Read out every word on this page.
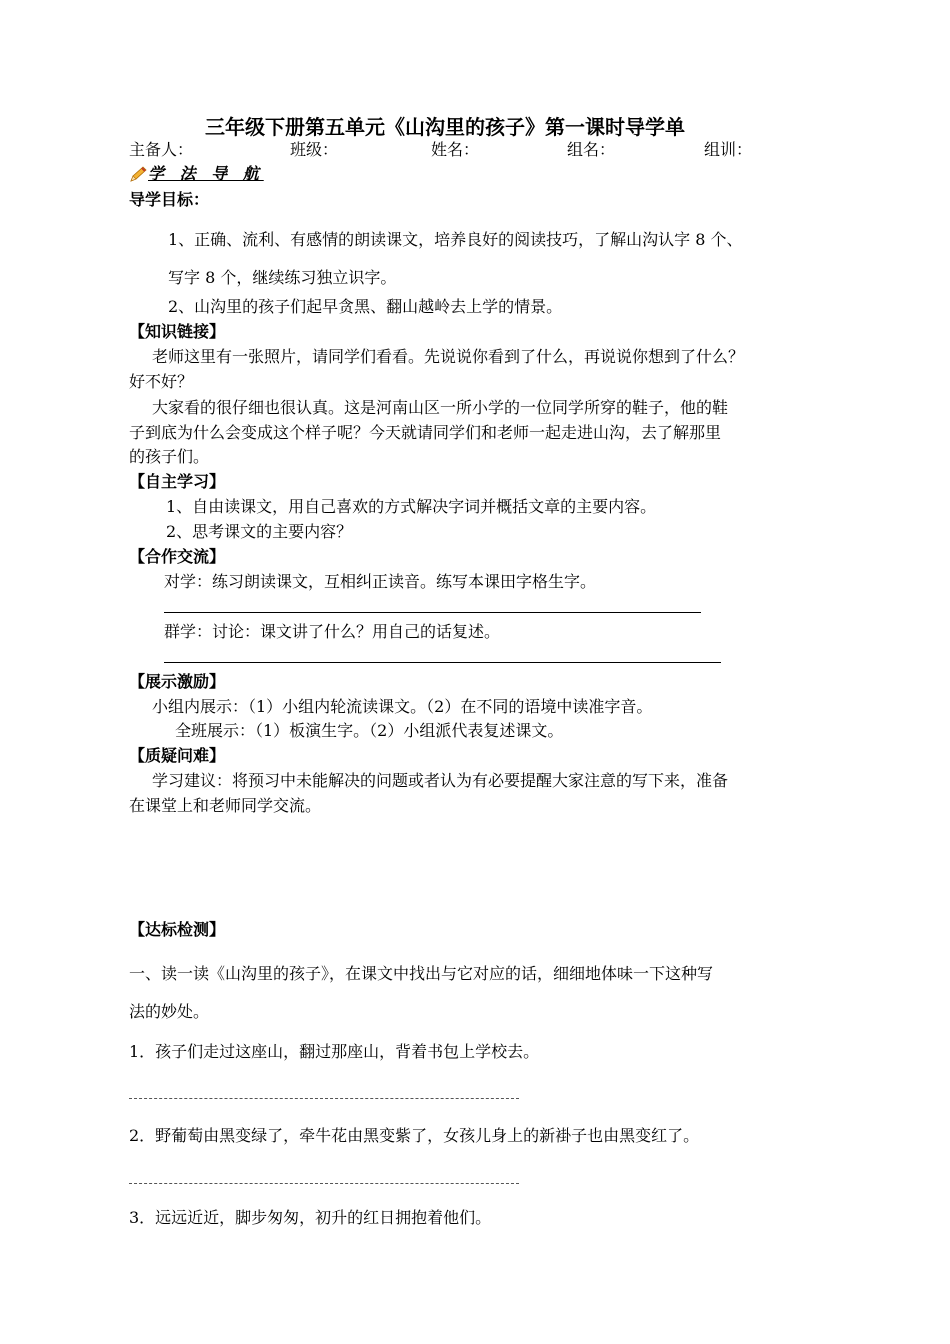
三年级下册第五单元《山沟里的孩子》第一课时导学单
主备人：	班级：	姓名：	组名：	组训：
学 法 导 航
导学目标：
1、正确、流利、有感情的朗读课文，培养良好的阅读技巧，了解山沟认字 8 个、
写字 8 个，继续练习独立识字。
2、山沟里的孩子们起早贪黑、翻山越岭去上学的情景。
【知识链接】
老师这里有一张照片，请同学们看看。先说说你看到了什么，再说说你想到了什么？
好不好？
大家看的很仔细也很认真。这是河南山区一所小学的一位同学所穿的鞋子，他的鞋
子到底为什么会变成这个样子呢？今天就请同学们和老师一起走进山沟，去了解那里
的孩子们。
【自主学习】
1、自由读课文，用自己喜欢的方式解决字词并概括文章的主要内容。
2、思考课文的主要内容？
【合作交流】
对学：练习朗读课文，互相纠正读音。练写本课田字格生字。
群学：讨论：课文讲了什么？用自己的话复述。
【展示激励】
小组内展示：（1）小组内轮流读课文。（2）在不同的语境中读准字音。
全班展示：（1）板演生字。（2）小组派代表复述课文。
【质疑问难】
学习建议：将预习中未能解决的问题或者认为有必要提醒大家注意的写下来，准备
在课堂上和老师同学交流。
【达标检测】
一、读一读《山沟里的孩子》，在课文中找出与它对应的话，细细地体味一下这种写
法的妙处。
1．孩子们走过这座山，翻过那座山，背着书包上学校去。
2．野葡萄由黑变绿了，牵牛花由黑变紫了，女孩儿身上的新褂子也由黑变红了。
3．远远近近，脚步匆匆，初升的红日拥抱着他们。
